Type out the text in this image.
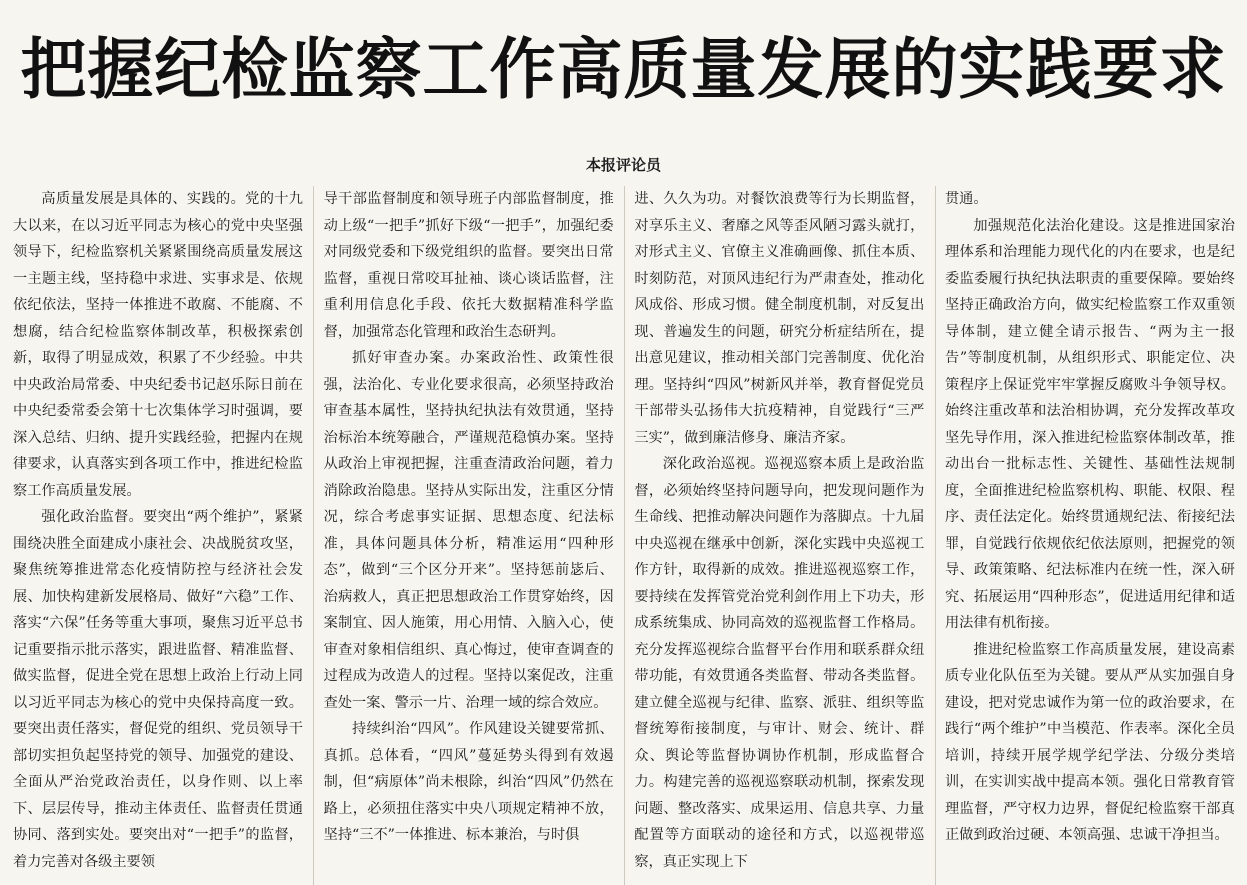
把握纪检监察工作高质量发展的实践要求
本报评论员

高质量发展是具体的、实践的。党的十九大以来，在以习近平同志为核心的党中央坚强领导下，纪检监察机关紧紧围绕高质量发展这一主题主线，坚持稳中求进、实事求是、依规依纪依法，坚持一体推进不敢腐、不能腐、不想腐，结合纪检监察体制改革，积极探索创新，取得了明显成效，积累了不少经验。中共中央政治局常委、中央纪委书记赵乐际日前在中央纪委常委会第十七次集体学习时强调，要深入总结、归纳、提升实践经验，把握内在规律要求，认真落实到各项工作中，推进纪检监察工作高质量发展。

强化政治监督。要突出“两个维护”，紧紧围绕决胜全面建成小康社会、决战脱贫攻坚，聚焦统筹推进常态化疫情防控与经济社会发展、加快构建新发展格局、做好“六稳”工作、落实“六保”任务等重大事项，聚焦习近平总书记重要指示批示落实，跟进监督、精准监督、做实监督，促进全党在思想上政治上行动上同以习近平同志为核心的党中央保持高度一致。要突出责任落实，督促党的组织、党员领导干部切实担负起坚持党的领导、加强党的建设、全面从严治党政治责任，以身作则、以上率下、层层传导，推动主体责任、监督责任贯通协同、落到实处。要突出对“一把手”的监督，着力完善对各级主要领

导干部监督制度和领导班子内部监督制度，推动上级“一把手”抓好下级“一把手”，加强纪委对同级党委和下级党组织的监督。要突出日常监督，重视日常咬耳扯袖、谈心谈话监督，注重利用信息化手段、依托大数据精准科学监督，加强常态化管理和政治生态研判。

抓好审查办案。办案政治性、政策性很强，法治化、专业化要求很高，必须坚持政治审查基本属性，坚持执纪执法有效贯通，坚持治标治本统筹融合，严谨规范稳慎办案。坚持从政治上审视把握，注重查清政治问题，着力消除政治隐患。坚持从实际出发，注重区分情况，综合考虑事实证据、思想态度、纪法标准，具体问题具体分析，精准运用“四种形态”，做到“三个区分开来”。坚持惩前毖后、治病救人，真正把思想政治工作贯穿始终，因案制宜、因人施策，用心用情、入脑入心，使审查对象相信组织、真心悔过，使审查调查的过程成为改造人的过程。坚持以案促改，注重查处一案、警示一片、治理一域的综合效应。

持续纠治“四风”。作风建设关键要常抓、真抓。总体看，“四风”蔓延势头得到有效遏制，但“病原体”尚未根除，纠治“四风”仍然在路上，必须扭住落实中央八项规定精神不放，坚持“三不”一体推进、标本兼治，与时俱

进、久久为功。对餐饮浪费等行为长期监督，对享乐主义、奢靡之风等歪风陋习露头就打，对形式主义、官僚主义准确画像、抓住本质、时刻防范，对顶风违纪行为严肃查处，推动化风成俗、形成习惯。健全制度机制，对反复出现、普遍发生的问题，研究分析症结所在，提出意见建议，推动相关部门完善制度、优化治理。坚持纠“四风”树新风并举，教育督促党员干部带头弘扬伟大抗疫精神，自觉践行“三严三实”，做到廉洁修身、廉洁齐家。

深化政治巡视。巡视巡察本质上是政治监督，必须始终坚持问题导向，把发现问题作为生命线、把推动解决问题作为落脚点。十九届中央巡视在继承中创新，深化实践中央巡视工作方针，取得新的成效。推进巡视巡察工作，要持续在发挥管党治党利剑作用上下功夫，形成系统集成、协同高效的巡视监督工作格局。充分发挥巡视综合监督平台作用和联系群众纽带功能，有效贯通各类监督、带动各类监督。建立健全巡视与纪律、监察、派驻、组织等监督统筹衔接制度，与审计、财会、统计、群众、舆论等监督协调协作机制，形成监督合力。构建完善的巡视巡察联动机制，探索发现问题、整改落实、成果运用、信息共享、力量配置等方面联动的途径和方式，以巡视带巡察，真正实现上下

贯通。

加强规范化法治化建设。这是推进国家治理体系和治理能力现代化的内在要求，也是纪委监委履行执纪执法职责的重要保障。要始终坚持正确政治方向，做实纪检监察工作双重领导体制，建立健全请示报告、“两为主一报告”等制度机制，从组织形式、职能定位、决策程序上保证党牢牢掌握反腐败斗争领导权。始终注重改革和法治相协调，充分发挥改革攻坚先导作用，深入推进纪检监察体制改革，推动出台一批标志性、关键性、基础性法规制度，全面推进纪检监察机构、职能、权限、程序、责任法定化。始终贯通规纪法、衔接纪法罪，自觉践行依规依纪依法原则，把握党的领导、政策策略、纪法标准内在统一性，深入研究、拓展运用“四种形态”，促进适用纪律和适用法律有机衔接。

推进纪检监察工作高质量发展，建设高素质专业化队伍至为关键。要从严从实加强自身建设，把对党忠诚作为第一位的政治要求，在践行“两个维护”中当模范、作表率。深化全员培训，持续开展学规学纪学法、分级分类培训，在实训实战中提高本领。强化日常教育管理监督，严守权力边界，督促纪检监察干部真正做到政治过硬、本领高强、忠诚干净担当。
